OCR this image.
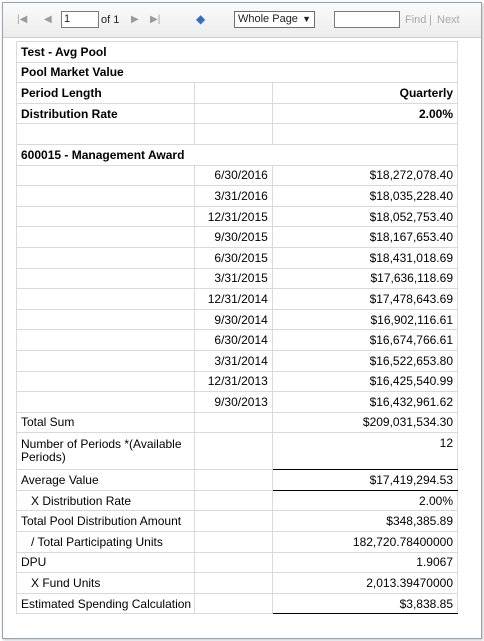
|◀ ◀ 1	of 1 ▶ ▶|	◆	Whole Page ▼	Find | Next
Test - Avg Pool		
Pool Market Value		
Period Length		Quarterly
Distribution Rate		2.00%

600015 - Management Award		
	6/30/2016	$18,272,078.40
	3/31/2016	$18,035,228.40
	12/31/2015	$18,052,753.40
	9/30/2015	$18,167,653.40
	6/30/2015	$18,431,018.69
	3/31/2015	$17,636,118.69
	12/31/2014	$17,478,643.69
	9/30/2014	$16,902,116.61
	6/30/2014	$16,674,766.61
	3/31/2014	$16,522,653.80
	12/31/2013	$16,425,540.99
	9/30/2013	$16,432,961.62
Total Sum		$209,031,534.30
Number of Periods *(Available Periods)		12
Average Value		$17,419,294.53
X Distribution Rate		2.00%
Total Pool Distribution Amount		$348,385.89
/ Total Participating Units		182,720.78400000
DPU		1.9067
X Fund Units		2,013.39470000
Estimated Spending Calculation		$3,838.85
